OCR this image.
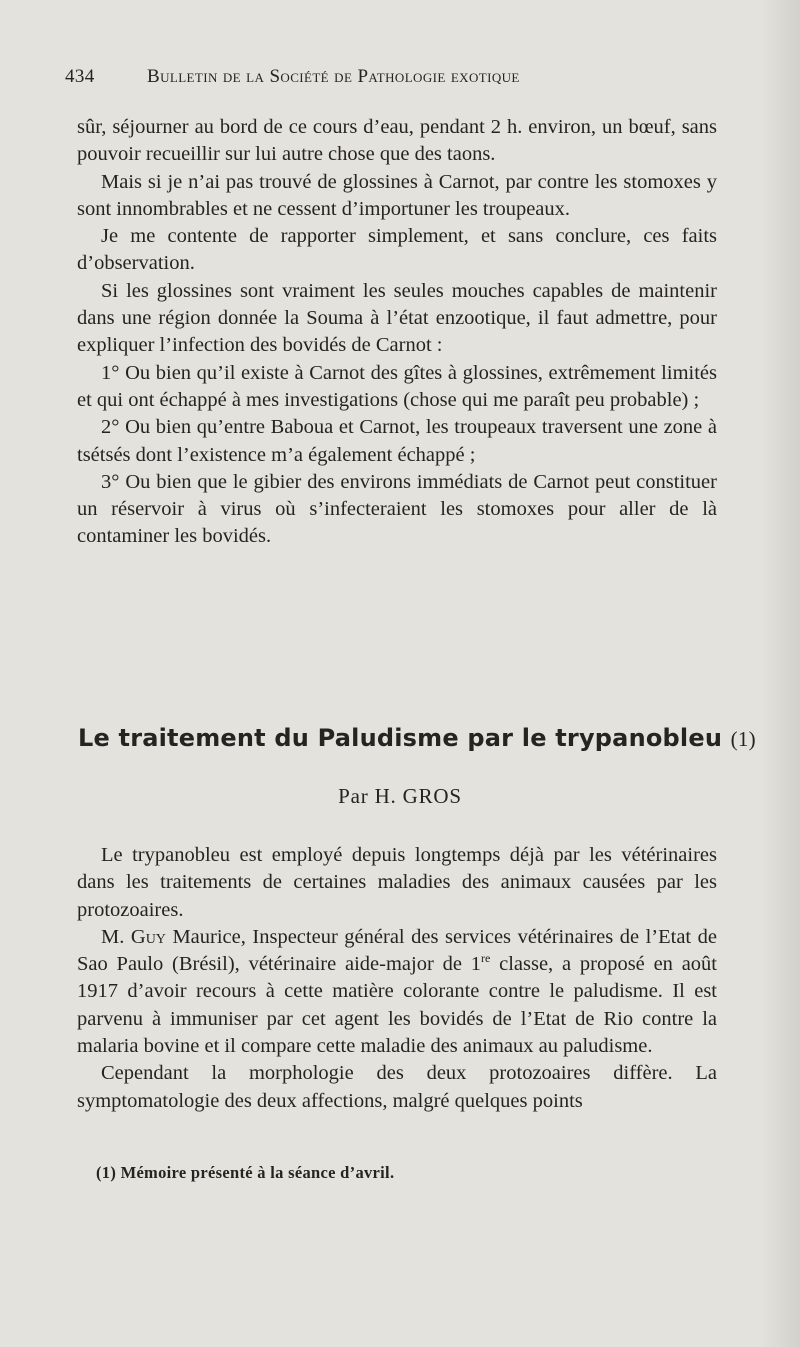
434	Bulletin de la Société de Pathologie exotique

sûr, séjourner au bord de ce cours d’eau, pendant 2 h. environ, un bœuf, sans pouvoir recueillir sur lui autre chose que des taons.

Mais si je n’ai pas trouvé de glossines à Carnot, par contre les stomoxes y sont innombrables et ne cessent d’importuner les troupeaux.

Je me contente de rapporter simplement, et sans conclure, ces faits d’observation.

Si les glossines sont vraiment les seules mouches capables de maintenir dans une région donnée la Souma à l’état enzootique, il faut admettre, pour expliquer l’infection des bovidés de Carnot :

1° Ou bien qu’il existe à Carnot des gîtes à glossines, extrêmement limités et qui ont échappé à mes investigations (chose qui me paraît peu probable) ;

2° Ou bien qu’entre Baboua et Carnot, les troupeaux traversent une zone à tsétsés dont l’existence m’a également échappé ;

3° Ou bien que le gibier des environs immédiats de Carnot peut constituer un réservoir à virus où s’infecteraient les stomoxes pour aller de là contaminer les bovidés.

Le traitement du Paludisme par le trypanobleu (1)
Par H. GROS

Le trypanobleu est employé depuis longtemps déjà par les vétérinaires dans les traitements de certaines maladies des animaux causées par les protozoaires.

M. Guy Maurice, Inspecteur général des services vétérinaires de l’Etat de Sao Paulo (Brésil), vétérinaire aide-major de 1re classe, a proposé en août 1917 d’avoir recours à cette matière colorante contre le paludisme. Il est parvenu à immuniser par cet agent les bovidés de l’Etat de Rio contre la malaria bovine et il compare cette maladie des animaux au paludisme.

Cependant la morphologie des deux protozoaires diffère. La symptomatologie des deux affections, malgré quelques points

(1) Mémoire présenté à la séance d’avril.
